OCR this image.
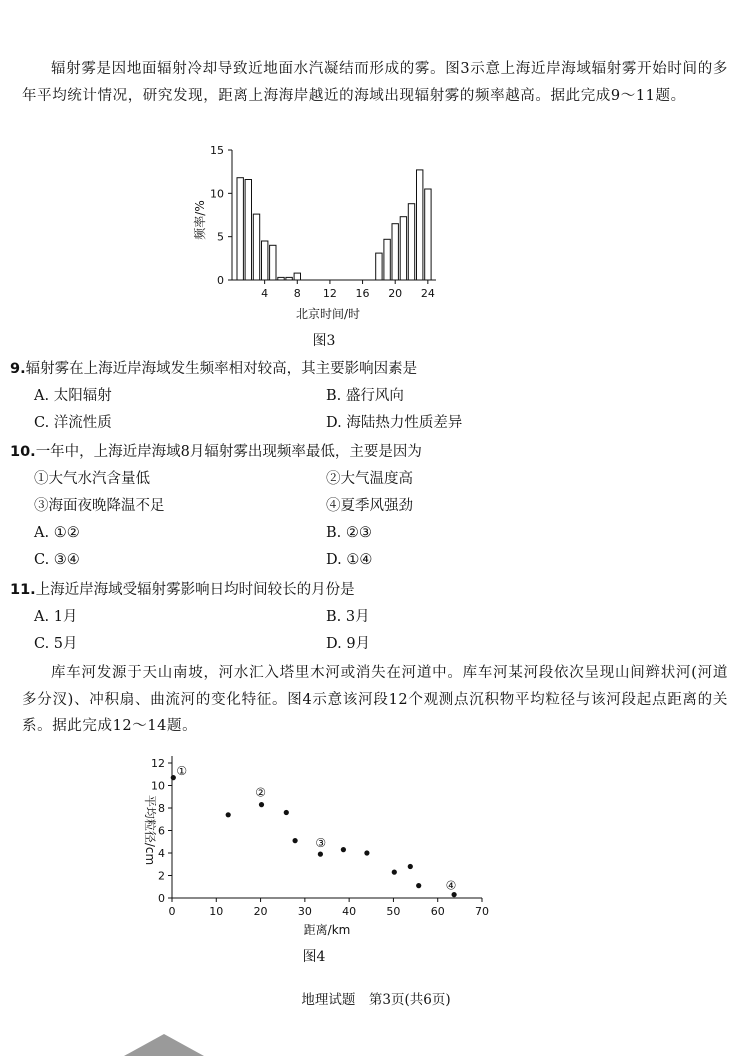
辐射雾是因地面辐射冷却导致近地面水汽凝结而形成的雾。图3示意上海近岸海域辐射雾开始时间的多年平均统计情况，研究发现，距离上海海岸越近的海域出现辐射雾的频率越高。据此完成9～11题。

0
5
10
15
4 8 12 16 20 24
频率/%
北京时间/时
图3
9.辐射雾在上海近岸海域发生频率相对较高，其主要影响因素是
A. 太阳辐射	B. 盛行风向
C. 洋流性质	D. 海陆热力性质差异
10.一年中，上海近岸海域8月辐射雾出现频率最低，主要是因为
①大气水汽含量低	②大气温度高
③海面夜晚降温不足	④夏季风强劲
A. ①②	B. ②③
C. ③④	D. ①④
11.上海近岸海域受辐射雾影响日均时间较长的月份是
A. 1月	B. 3月
C. 5月	D. 9月

库车河发源于天山南坡，河水汇入塔里木河或消失在河道中。库车河某河段依次呈现山间辫状河(河道多分汊)、冲积扇、曲流河的变化特征。图4示意该河段12个观测点沉积物平均粒径与该河段起点距离的关系。据此完成12～14题。

0
2
4
6
8
10
12
0	10	20	30	40	50	60	70
①
②
③
④
平均粒径/cm
距离/km
图4
地理试题　第3页(共6页)
